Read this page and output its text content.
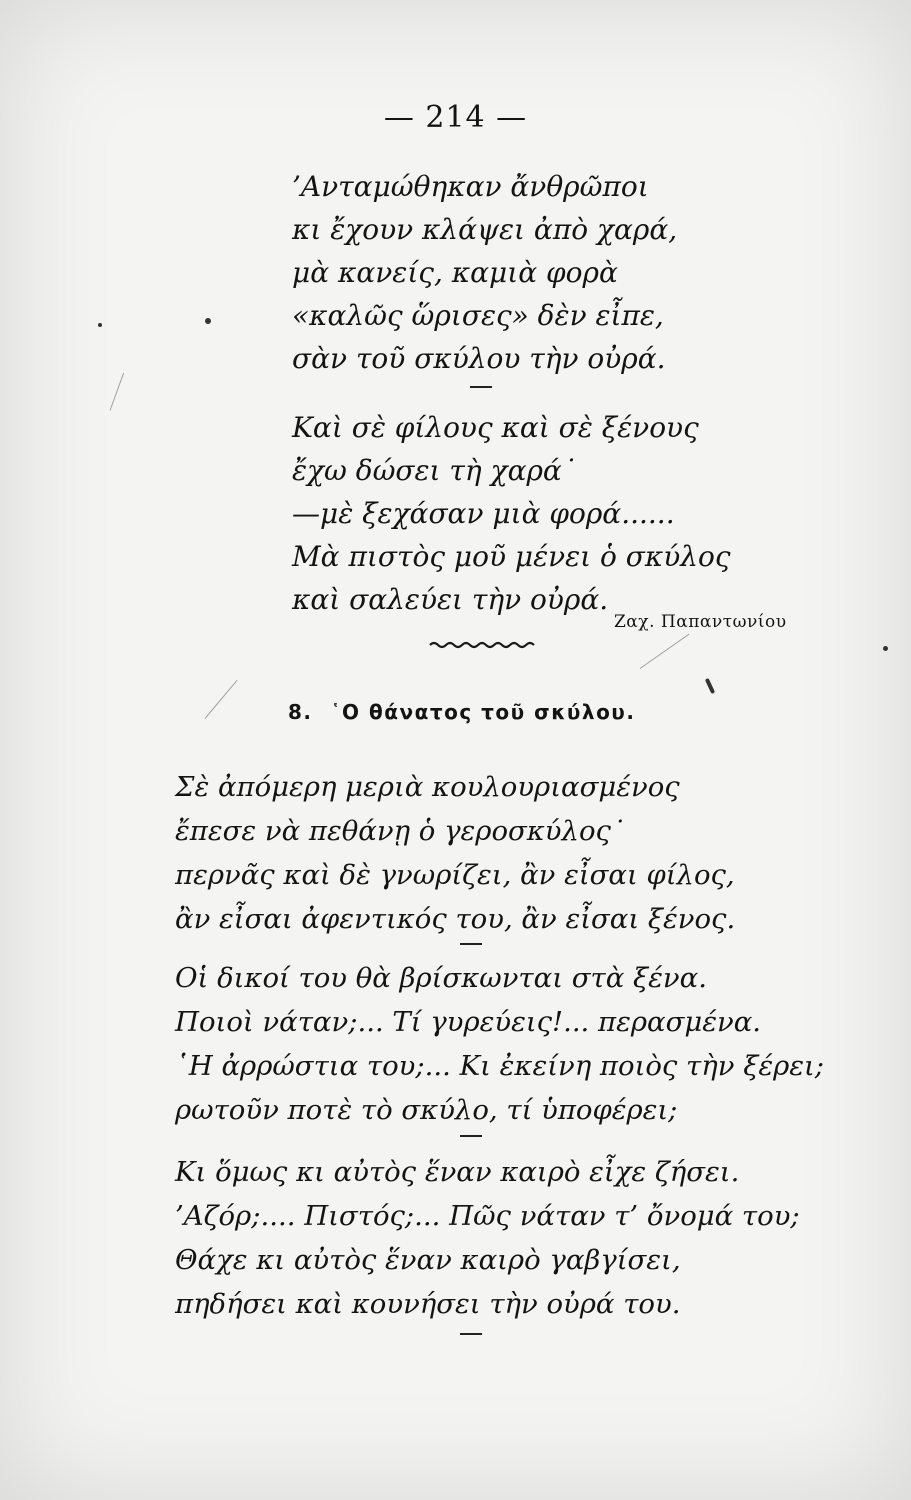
— 214 —
’Ανταμώθηκαν ἄνθρῶποι
κι ἔχουν κλάψει ἀπὸ χαρά,
μὰ κανείς, καμιὰ φορὰ
«καλῶς ὥρισες» δὲν εἶπε,
σὰν τοῦ σκύλου τὴν οὐρά.
Καὶ σὲ φίλους καὶ σὲ ξένους
ἔχω δώσει τὴ χαρά˙
—μὲ ξεχάσαν μιὰ φορά......
Μὰ πιστὸς μοῦ μένει ὁ σκύλος
καὶ σαλεύει τὴν οὐρά.
Ζαχ. Παπαντωνίου
8. ῾Ο θάνατος τοῦ σκύλου.
Σὲ ἀπόμερη μεριὰ κουλουριασμένος
ἔπεσε νὰ πεθάνῃ ὁ γεροσκύλος˙
περνᾶς καὶ δὲ γνωρίζει, ἂν εἶσαι φίλος,
ἂν εἶσαι ἀφεντικός του, ἂν εἶσαι ξένος.
Οἱ δικοί του θὰ βρίσκωνται στὰ ξένα.
Ποιοὶ νάταν;... Τί γυρεύεις!... περασμένα.
῾Η ἀρρώστια του;... Κι ἐκείνη ποιὸς τὴν ξέρει;
ρωτοῦν ποτὲ τὸ σκύλο, τί ὑποφέρει;
Κι ὅμως κι αὐτὸς ἕναν καιρὸ εἶχε ζήσει.
’Αζόρ;.... Πιστός;... Πῶς νάταν τ’ ὄνομά του;
Θάχε κι αὐτὸς ἕναν καιρὸ γαβγίσει,
πηδήσει καὶ κουνήσει τὴν οὐρά του.
